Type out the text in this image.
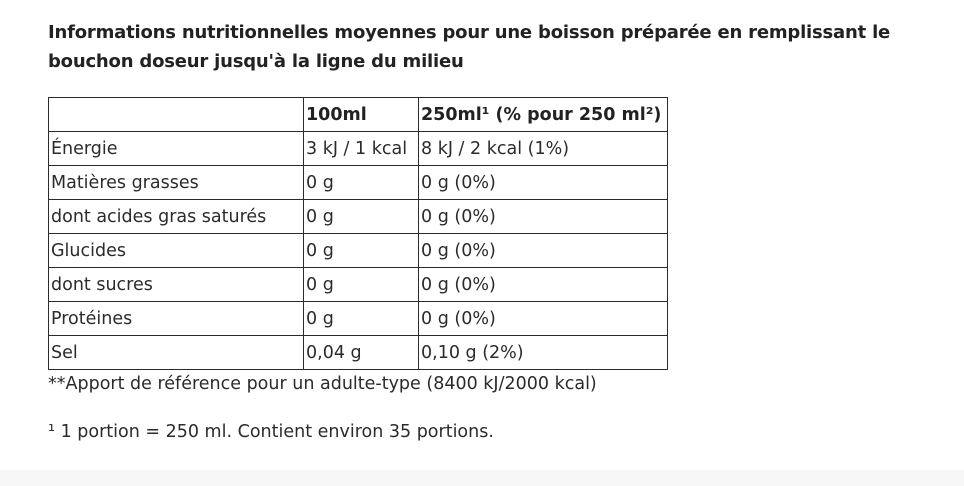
Informations nutritionnelles moyennes pour une boisson préparée en remplissant le bouchon doseur jusqu'à la ligne du milieu

	100ml	250ml¹ (% pour 250 ml²)
Énergie	3 kJ / 1 kcal	8 kJ / 2 kcal (1%)
Matières grasses	0 g	0 g (0%)
dont acides gras saturés	0 g	0 g (0%)
Glucides	0 g	0 g (0%)
dont sucres	0 g	0 g (0%)
Protéines	0 g	0 g (0%)
Sel	0,04 g	0,10 g (2%)

**Apport de référence pour un adulte-type (8400 kJ/2000 kcal)

¹ 1 portion = 250 ml. Contient environ 35 portions.
